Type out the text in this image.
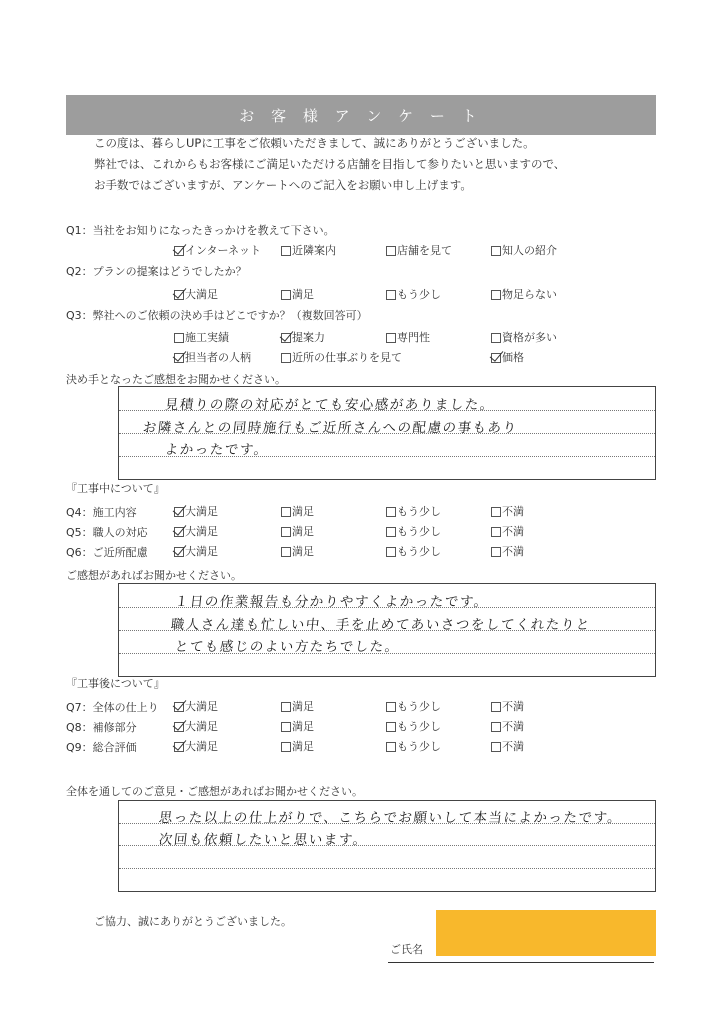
お 客 様 ア ン ケ ー ト
この度は、暮らしUPに工事をご依頼いただきまして、誠にありがとうございました。
弊社では、これからもお客様にご満足いただける店舗を目指して参りたいと思いますので、
お手数ではございますが、アンケートへのご記入をお願い申し上げます。
Q1：当社をお知りになったきっかけを教えて下さい。
インターネット	近隣案内	店舗を見て	知人の紹介
Q2：プランの提案はどうでしたか？
大満足	満足	もう少し	物足らない
Q3：弊社へのご依頼の決め手はどこですか？（複数回答可）
施工実績	提案力	専門性	資格が多い
担当者の人柄	近所の仕事ぶりを見て	価格
決め手となったご感想をお聞かせください。
見積りの際の対応がとても安心感がありました。
お隣さんとの同時施行もご近所さんへの配慮の事もあり
よかったです。
『工事中について』
Q4：施工内容	大満足	満足	もう少し	不満
Q5：職人の対応	大満足	満足	もう少し	不満
Q6：ご近所配慮	大満足	満足	もう少し	不満
ご感想があればお聞かせください。
１日の作業報告も分かりやすくよかったです。
職人さん達も忙しい中、手を止めてあいさつをしてくれたりと
とても感じのよい方たちでした。
『工事後について』
Q7：全体の仕上り 大満足	満足	もう少し	不満
Q8：補修部分	大満足	満足	もう少し	不満
Q9：総合評価	大満足	満足	もう少し	不満
全体を通してのご意見・ご感想があればお聞かせください。
思った以上の仕上がりで、こちらでお願いして本当によかったです。
次回も依頼したいと思います。
ご協力、誠にありがとうございました。
ご氏名
